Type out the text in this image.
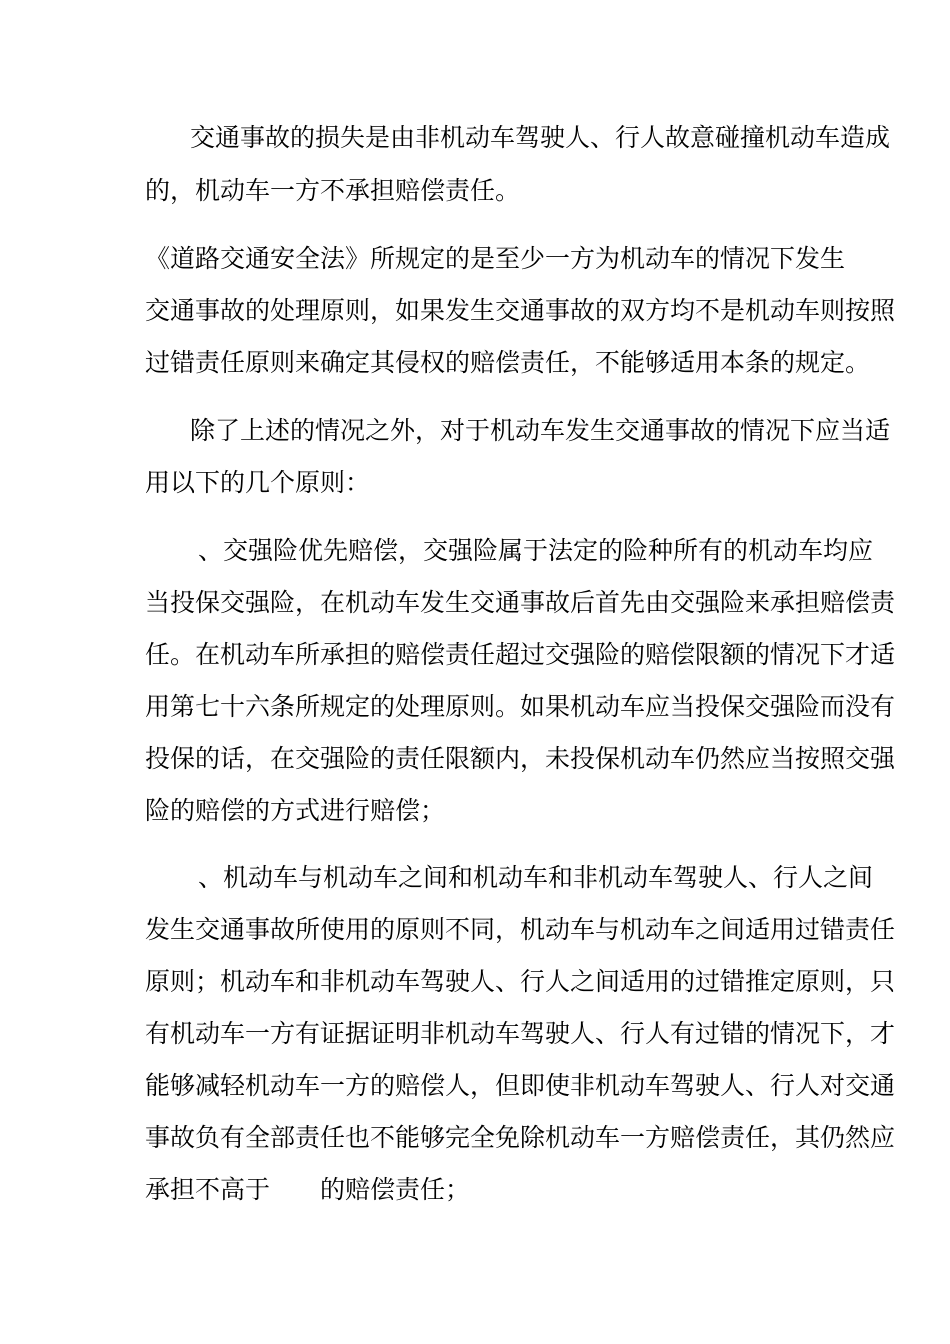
交通事故的损失是由非机动车驾驶人、行人故意碰撞机动车造成
的，机动车一方不承担赔偿责任。
《道路交通安全法》所规定的是至少一方为机动车的情况下发生
交通事故的处理原则，如果发生交通事故的双方均不是机动车则按照
过错责任原则来确定其侵权的赔偿责任，不能够适用本条的规定。
除了上述的情况之外，对于机动车发生交通事故的情况下应当适
用以下的几个原则：
、交强险优先赔偿，交强险属于法定的险种所有的机动车均应
当投保交强险，在机动车发生交通事故后首先由交强险来承担赔偿责
任。在机动车所承担的赔偿责任超过交强险的赔偿限额的情况下才适
用第七十六条所规定的处理原则。如果机动车应当投保交强险而没有
投保的话，在交强险的责任限额内，未投保机动车仍然应当按照交强
险的赔偿的方式进行赔偿；
、机动车与机动车之间和机动车和非机动车驾驶人、行人之间
发生交通事故所使用的原则不同，机动车与机动车之间适用过错责任
原则；机动车和非机动车驾驶人、行人之间适用的过错推定原则，只
有机动车一方有证据证明非机动车驾驶人、行人有过错的情况下，才
能够减轻机动车一方的赔偿人，但即使非机动车驾驶人、行人对交通
事故负有全部责任也不能够完全免除机动车一方赔偿责任，其仍然应
承担不高于　　的赔偿责任；
